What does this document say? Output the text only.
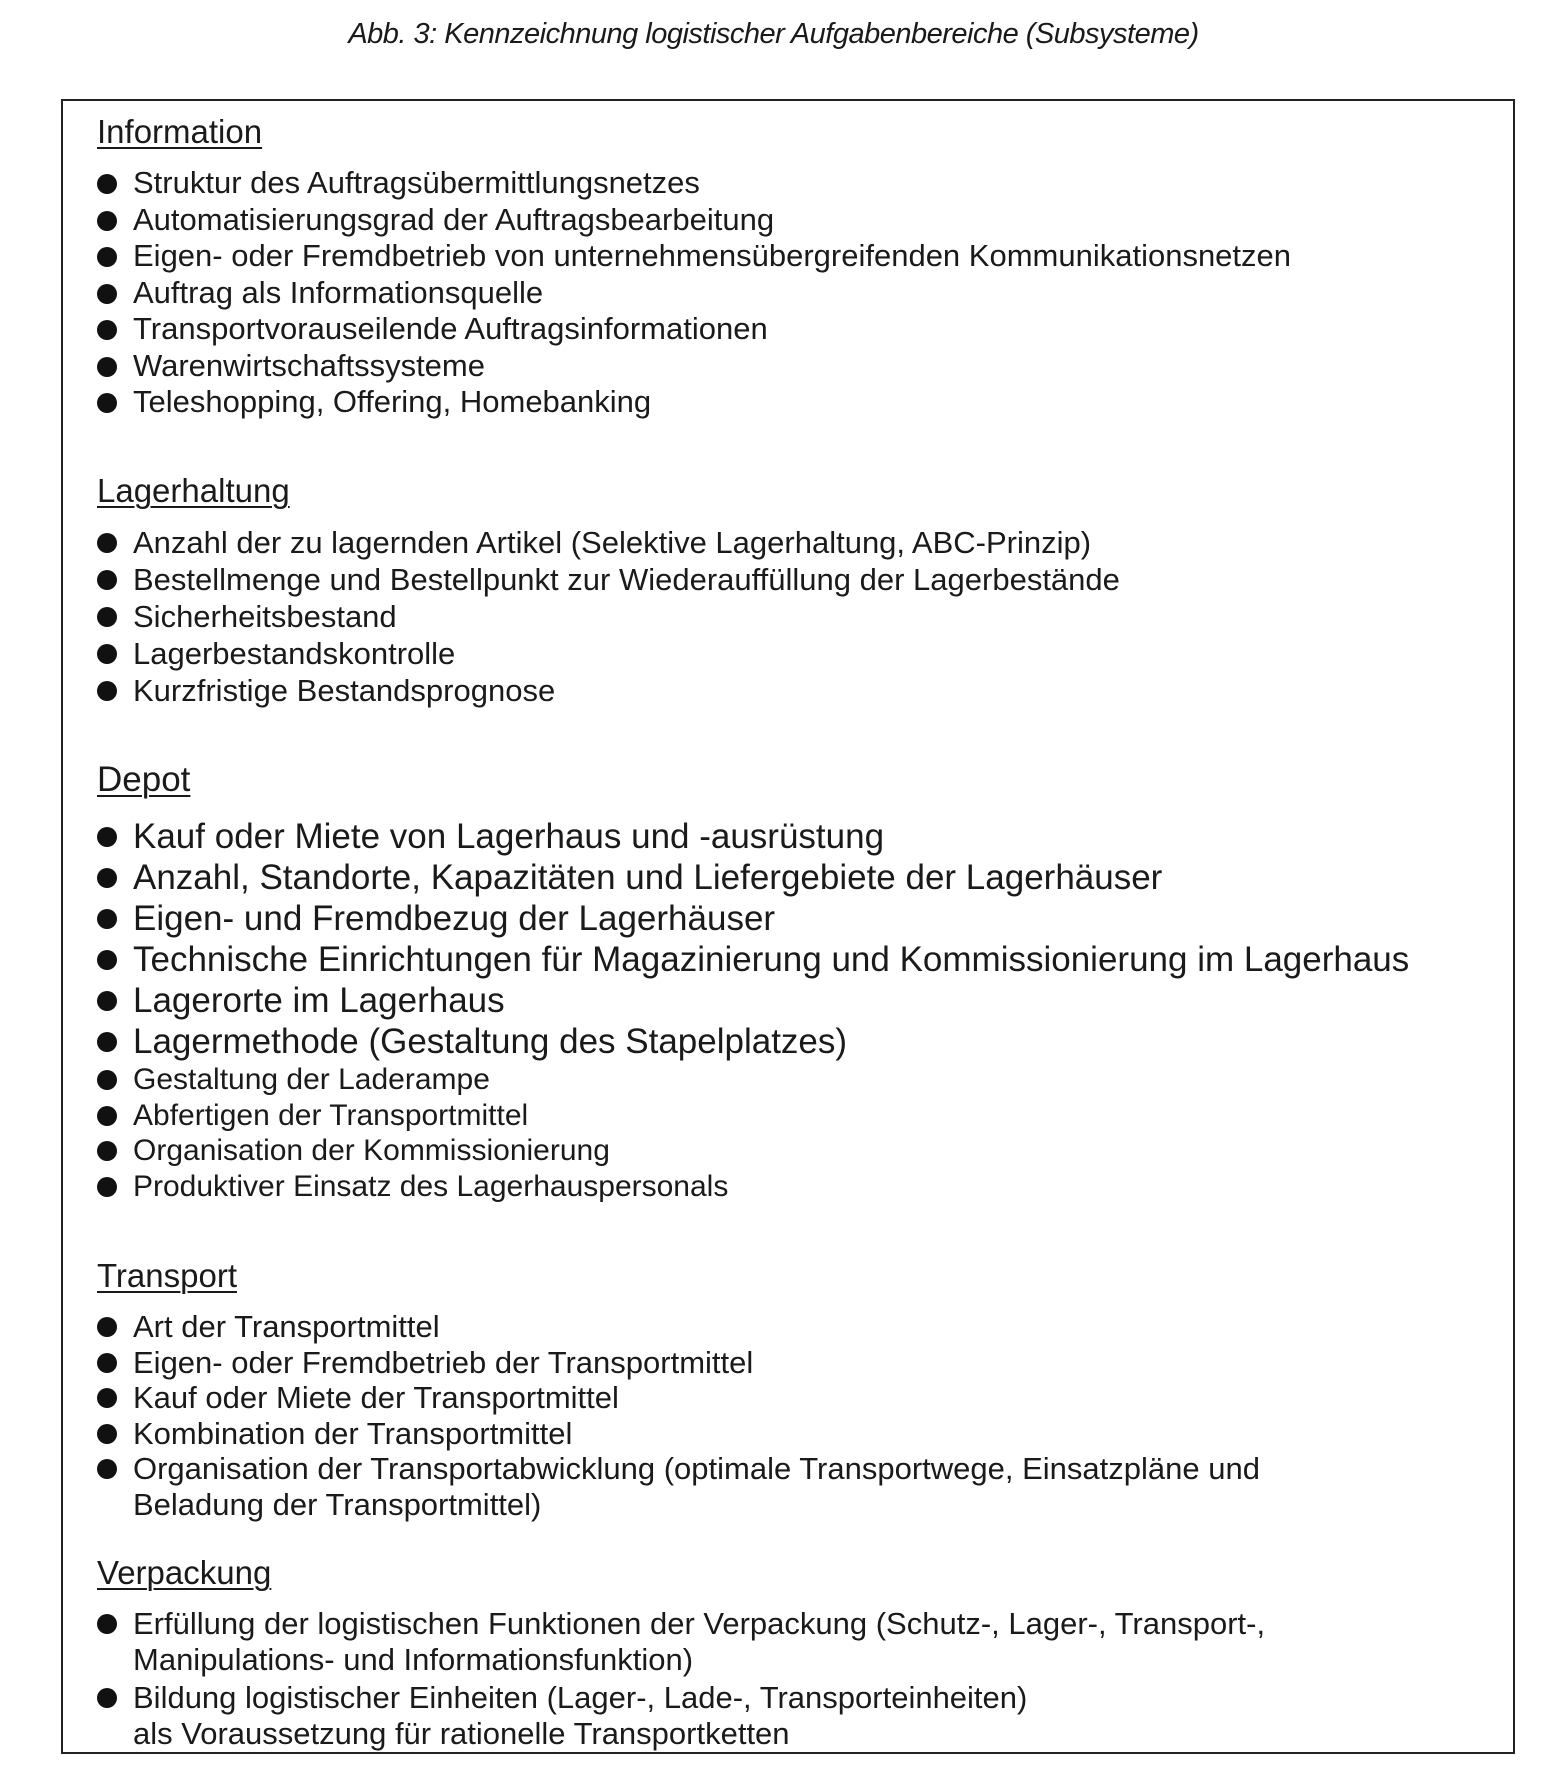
Abb. 3: Kennzeichnung logistischer Aufgabenbereiche (Subsysteme)
Information
Struktur des Auftragsübermittlungsnetzes
Automatisierungsgrad der Auftragsbearbeitung
Eigen- oder Fremdbetrieb von unternehmensübergreifenden Kommunikationsnetzen
Auftrag als Informationsquelle
Transportvorauseilende Auftragsinformationen
Warenwirtschaftssysteme
Teleshopping, Offering, Homebanking
Lagerhaltung
Anzahl der zu lagernden Artikel (Selektive Lagerhaltung, ABC-Prinzip)
Bestellmenge und Bestellpunkt zur Wiederauffüllung der Lagerbestände
Sicherheitsbestand
Lagerbestandskontrolle
Kurzfristige Bestandsprognose
Depot
Kauf oder Miete von Lagerhaus und -ausrüstung
Anzahl, Standorte, Kapazitäten und Liefergebiete der Lagerhäuser
Eigen- und Fremdbezug der Lagerhäuser
Technische Einrichtungen für Magazinierung und Kommissionierung im Lagerhaus
Lagerorte im Lagerhaus
Lagermethode (Gestaltung des Stapelplatzes)
Gestaltung der Laderampe
Abfertigen der Transportmittel
Organisation der Kommissionierung
Produktiver Einsatz des Lagerhauspersonals
Transport
Art der Transportmittel
Eigen- oder Fremdbetrieb der Transportmittel
Kauf oder Miete der Transportmittel
Kombination der Transportmittel
Organisation der Transportabwicklung (optimale Transportwege, Einsatzpläne und
Beladung der Transportmittel)
Verpackung
Erfüllung der logistischen Funktionen der Verpackung (Schutz-, Lager-, Transport-,
Manipulations- und Informationsfunktion)
Bildung logistischer Einheiten (Lager-, Lade-, Transporteinheiten)
als Voraussetzung für rationelle Transportketten
